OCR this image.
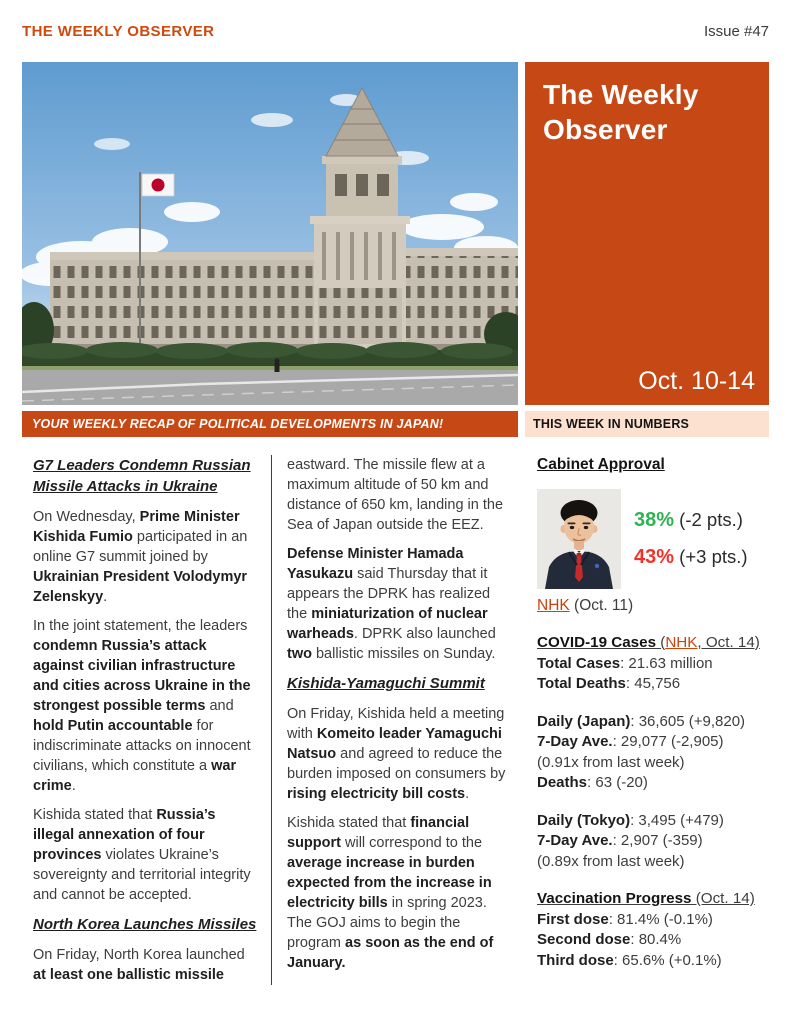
THE WEEKLY OBSERVER	Issue #47
The Weekly Observer
Oct. 10-14
YOUR WEEKLY RECAP OF POLITICAL DEVELOPMENTS IN JAPAN!	THIS WEEK IN NUMBERS
G7 Leaders Condemn Russian Missile Attacks in Ukraine

On Wednesday, Prime Minister Kishida Fumio participated in an online G7 summit joined by Ukrainian President Volodymyr Zelenskyy.

In the joint statement, the leaders condemn Russia’s attack against civilian infrastructure and cities across Ukraine in the strongest possible terms and hold Putin accountable for indiscriminate attacks on innocent civilians, which constitute a war crime.

Kishida stated that Russia’s illegal annexation of four provinces violates Ukraine’s sovereignty and territorial integrity and cannot be accepted.

North Korea Launches Missiles

On Friday, North Korea launched at least one ballistic missile

eastward. The missile flew at a maximum altitude of 50 km and distance of 650 km, landing in the Sea of Japan outside the EEZ.

Defense Minister Hamada Yasukazu said Thursday that it appears the DPRK has realized the miniaturization of nuclear warheads. DPRK also launched two ballistic missiles on Sunday.

Kishida-Yamaguchi Summit

On Friday, Kishida held a meeting with Komeito leader Yamaguchi Natsuo and agreed to reduce the burden imposed on consumers by rising electricity bill costs.

Kishida stated that financial support will correspond to the average increase in burden expected from the increase in electricity bills in spring 2023. The GOJ aims to begin the program as soon as the end of January.

Cabinet Approval
38% (-2 pts.)
43% (+3 pts.)
NHK (Oct. 11)
COVID-19 Cases (NHK, Oct. 14)
Total Cases: 21.63 million
Total Deaths: 45,756
Daily (Japan): 36,605 (+9,820)
7-Day Ave.: 29,077 (-2,905)
(0.91x from last week)
Deaths: 63 (-20)
Daily (Tokyo): 3,495 (+479)
7-Day Ave.: 2,907 (-359)
(0.89x from last week)
Vaccination Progress (Oct. 14)
First dose: 81.4% (-0.1%)
Second dose: 80.4%
Third dose: 65.6% (+0.1%)
